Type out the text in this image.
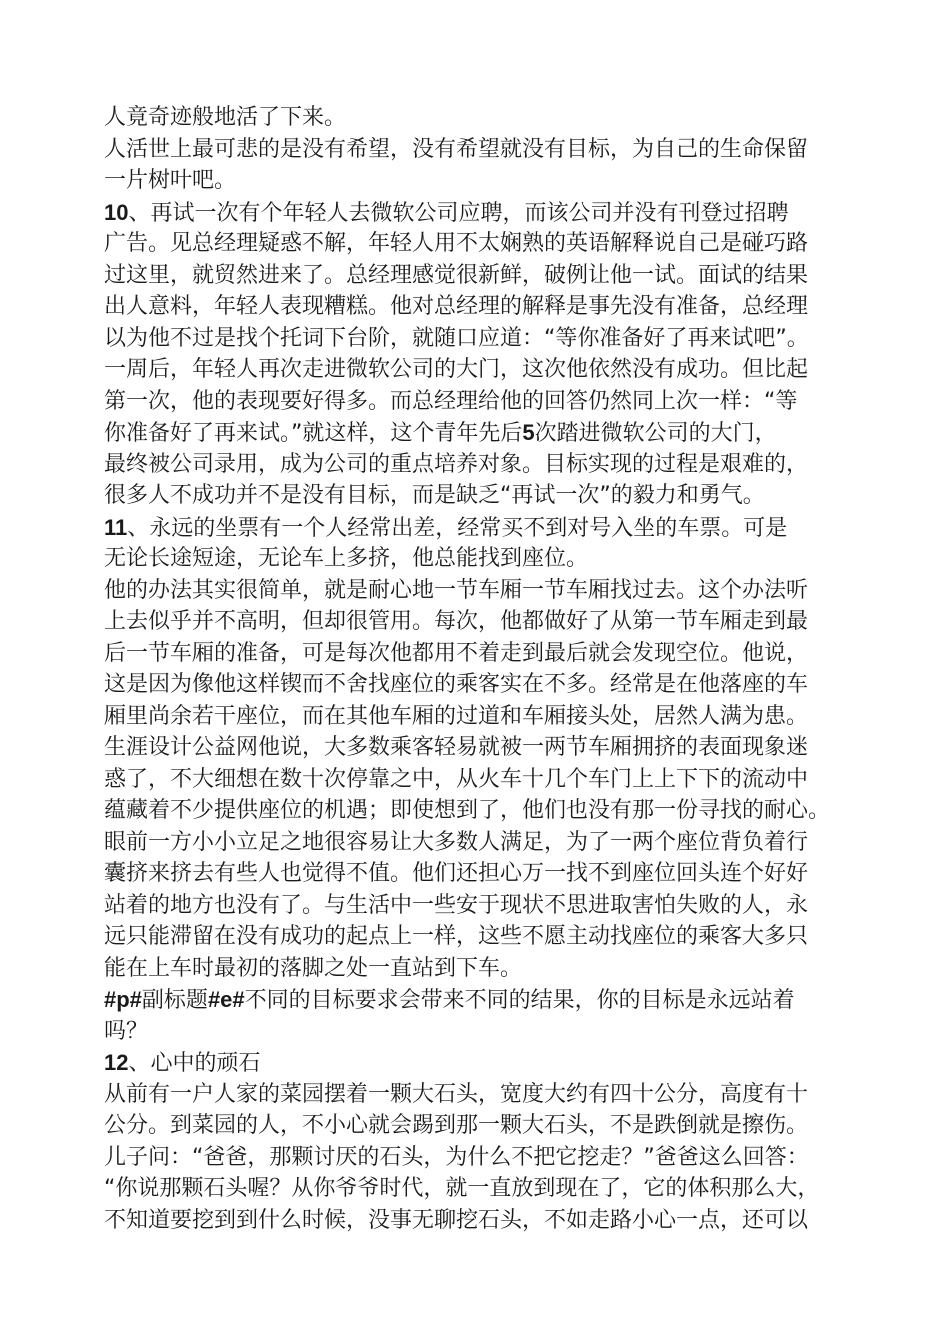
人竟奇迹般地活了下来。
人活世上最可悲的是没有希望，没有希望就没有目标，为自己的生命保留
一片树叶吧。
10、再试一次有个年轻人去微软公司应聘，而该公司并没有刊登过招聘
广告。见总经理疑惑不解，年轻人用不太娴熟的英语解释说自己是碰巧路
过这里，就贸然进来了。总经理感觉很新鲜，破例让他一试。面试的结果
出人意料，年轻人表现糟糕。他对总经理的解释是事先没有准备，总经理
以为他不过是找个托词下台阶，就随口应道：“等你准备好了再来试吧”。
一周后，年轻人再次走进微软公司的大门，这次他依然没有成功。但比起
第一次，他的表现要好得多。而总经理给他的回答仍然同上次一样：“等
你准备好了再来试。”就这样，这个青年先后5次踏进微软公司的大门，
最终被公司录用，成为公司的重点培养对象。目标实现的过程是艰难的，
很多人不成功并不是没有目标，而是缺乏“再试一次”的毅力和勇气。
11、永远的坐票有一个人经常出差，经常买不到对号入坐的车票。可是
无论长途短途，无论车上多挤，他总能找到座位。
他的办法其实很简单，就是耐心地一节车厢一节车厢找过去。这个办法听
上去似乎并不高明，但却很管用。每次，他都做好了从第一节车厢走到最
后一节车厢的准备，可是每次他都用不着走到最后就会发现空位。他说，
这是因为像他这样锲而不舍找座位的乘客实在不多。经常是在他落座的车
厢里尚余若干座位，而在其他车厢的过道和车厢接头处，居然人满为患。
生涯设计公益网他说，大多数乘客轻易就被一两节车厢拥挤的表面现象迷
惑了，不大细想在数十次停靠之中，从火车十几个车门上上下下的流动中
蕴藏着不少提供座位的机遇；即使想到了，他们也没有那一份寻找的耐心。
眼前一方小小立足之地很容易让大多数人满足，为了一两个座位背负着行
囊挤来挤去有些人也觉得不值。他们还担心万一找不到座位回头连个好好
站着的地方也没有了。与生活中一些安于现状不思进取害怕失败的人，永
远只能滞留在没有成功的起点上一样，这些不愿主动找座位的乘客大多只
能在上车时最初的落脚之处一直站到下车。
#p#副标题#e#不同的目标要求会带来不同的结果，你的目标是永远站着
吗？
12、心中的顽石
从前有一户人家的菜园摆着一颗大石头，宽度大约有四十公分，高度有十
公分。到菜园的人，不小心就会踢到那一颗大石头，不是跌倒就是擦伤。
儿子问：“爸爸，那颗讨厌的石头，为什么不把它挖走？”爸爸这么回答：
“你说那颗石头喔？从你爷爷时代，就一直放到现在了，它的体积那么大，
不知道要挖到到什么时候，没事无聊挖石头，不如走路小心一点，还可以
